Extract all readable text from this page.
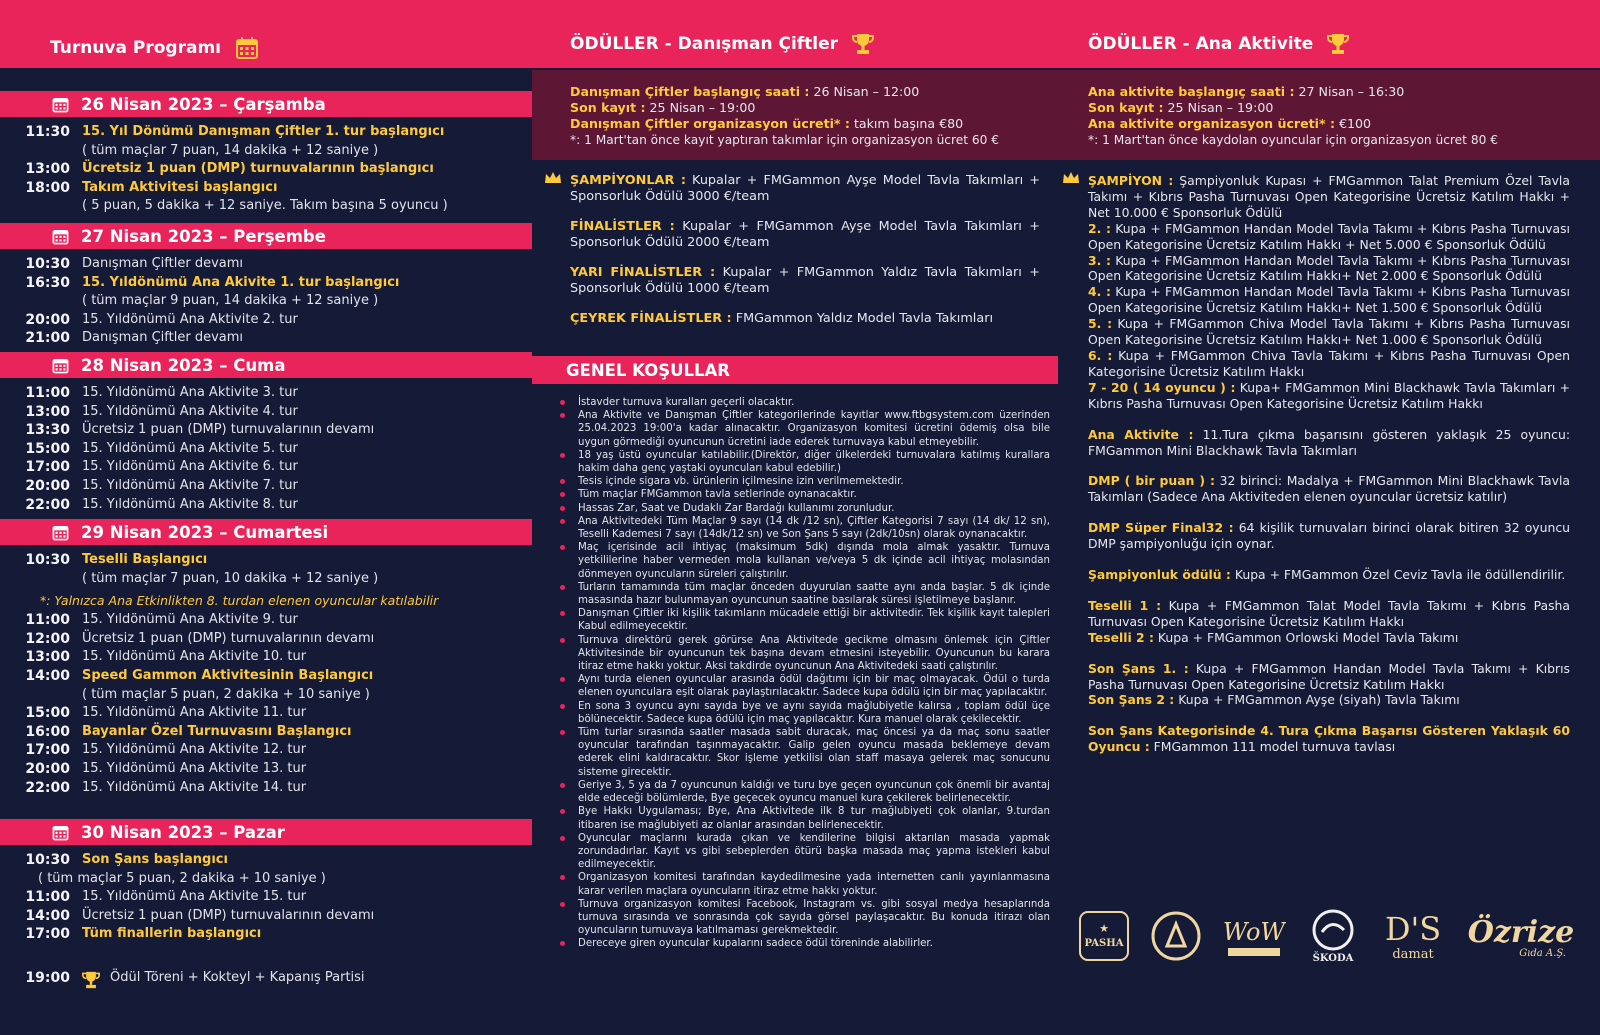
Turnuva Programı
26 Nisan 2023 – Çarşamba
11:30 15. Yıl Dönümü Danışman Çiftler 1. tur başlangıcı
( tüm maçlar 7 puan, 14 dakika + 12 saniye )
13:00 Ücretsiz 1 puan (DMP) turnuvalarının başlangıcı
18:00 Takım Aktivitesi başlangıcı
( 5 puan, 5 dakika + 12 saniye. Takım başına 5 oyuncu )
27 Nisan 2023 – Perşembe
10:30 Danışman Çiftler devamı
16:30 15. Yıldönümü Ana Akivite 1. tur başlangıcı
( tüm maçlar 9 puan, 14 dakika + 12 saniye )
20:00 15. Yıldönümü Ana Aktivite 2. tur
21:00 Danışman Çiftler devamı
28 Nisan 2023 – Cuma
11:00 15. Yıldönümü Ana Aktivite 3. tur
13:00 15. Yıldönümü Ana Aktivite 4. tur
13:30 Ücretsiz 1 puan (DMP) turnuvalarının devamı
15:00 15. Yıldönümü Ana Aktivite 5. tur
17:00 15. Yıldönümü Ana Aktivite 6. tur
20:00 15. Yıldönümü Ana Aktivite 7. tur
22:00 15. Yıldönümü Ana Aktivite 8. tur
29 Nisan 2023 – Cumartesi
10:30 Teselli Başlangıcı
( tüm maçlar 7 puan, 10 dakika + 12 saniye )
*: Yalnızca Ana Etkinlikten 8. turdan elenen oyuncular katılabilir
11:00 15. Yıldönümü Ana Aktivite 9. tur
12:00 Ücretsiz 1 puan (DMP) turnuvalarının devamı
13:00 15. Yıldönümü Ana Aktivite 10. tur
14:00 Speed Gammon Aktivitesinin Başlangıcı
( tüm maçlar 5 puan, 2 dakika + 10 saniye )
15:00 15. Yıldönümü Ana Aktivite 11. tur
16:00 Bayanlar Özel Turnuvasını Başlangıcı
17:00 15. Yıldönümü Ana Aktivite 12. tur
20:00 15. Yıldönümü Ana Aktivite 13. tur
22:00 15. Yıldönümü Ana Aktivite 14. tur
30 Nisan 2023 – Pazar
10:30 Son Şans başlangıcı
( tüm maçlar 5 puan, 2 dakika + 10 saniye )
11:00 15. Yıldönümü Ana Aktivite 15. tur
14:00 Ücretsiz 1 puan (DMP) turnuvalarının devamı
17:00 Tüm finallerin başlangıcı
19:00	Ödül Töreni + Kokteyl + Kapanış Partisi
ÖDÜLLER - Danışman Çiftler
Danışman Çiftler başlangıç saati : 26 Nisan – 12:00
Son kayıt : 25 Nisan – 19:00
Danışman Çiftler organizasyon ücreti* : takım başına €80
*: 1 Mart'tan önce kayıt yaptıran takımlar için organizasyon ücret 60 €

ŞAMPİYONLAR : Kupalar + FMGammon Ayşe Model Tavla Takımları + Sponsorluk Ödülü 3000 €/team

FİNALİSTLER : Kupalar + FMGammon Ayşe Model Tavla Takımları + Sponsorluk Ödülü 2000 €/team

YARI FİNALİSTLER : Kupalar + FMGammon Yaldız Tavla Takımları + Sponsorluk Ödülü 1000 €/team

ÇEYREK FİNALİSTLER : FMGammon Yaldız Model Tavla Takımları

GENEL KOŞULLAR
İstavder turnuva kuralları geçerli olacaktır.
Ana Aktivite ve Danışman Çiftler kategorilerinde kayıtlar www.ftbgsystem.com üzerinden 25.04.2023 19:00'a kadar alınacaktır. Organizasyon komitesi ücretini ödemiş olsa bile uygun görmediği oyuncunun ücretini iade ederek turnuvaya kabul etmeyebilir.
18 yaş üstü oyuncular katılabilir.(Direktör, diğer ülkelerdeki turnuvalara katılmış kurallara hakim daha genç yaştaki oyuncuları kabul edebilir.)
Tesis içinde sigara vb. ürünlerin içilmesine izin verilmemektedir.
Tüm maçlar FMGammon tavla setlerinde oynanacaktır.
Hassas Zar, Saat ve Dudaklı Zar Bardağı kullanımı zorunludur.
Ana Aktivitedeki Tüm Maçlar 9 sayı (14 dk /12 sn), Çiftler Kategorisi 7 sayı (14 dk/ 12 sn), Teselli Kademesi 7 sayı (14dk/12 sn) ve Son Şans 5 sayı (2dk/10sn) olarak oynanacaktır.
Maç içerisinde acil ihtiyaç (maksimum 5dk) dışında mola almak yasaktır. Turnuva yetkililerine haber vermeden mola kullanan ve/veya 5 dk içinde acil ihtiyaç molasından dönmeyen oyuncuların süreleri çalıştırılır.
Turların tamamında tüm maçlar önceden duyurulan saatte aynı anda başlar. 5 dk içinde masasında hazır bulunmayan oyuncunun saatine basılarak süresi işletilmeye başlanır.
Danışman Çiftler iki kişilik takımların mücadele ettiği bir aktivitedir. Tek kişilik kayıt talepleri Kabul edilmeyecektir.
Turnuva direktörü gerek görürse Ana Aktivitede gecikme olmasını önlemek için Çiftler Aktivitesinde bir oyuncunun tek başına devam etmesini isteyebilir. Oyuncunun bu karara itiraz etme hakkı yoktur. Aksi takdirde oyuncunun Ana Aktivitedeki saati çalıştırılır.
Aynı turda elenen oyuncular arasında ödül dağıtımı için bir maç olmayacak. Ödül o turda elenen oyunculara eşit olarak paylaştırılacaktır. Sadece kupa ödülü için bir maç yapılacaktır.
En sona 3 oyuncu aynı sayıda bye ve aynı sayıda mağlubiyetle kalırsa , toplam ödül üçe bölünecektir. Sadece kupa ödülü için maç yapılacaktır. Kura manuel olarak çekilecektir.
Tüm turlar sırasında saatler masada sabit duracak, maç öncesi ya da maç sonu saatler oyuncular tarafından taşınmayacaktır. Galip gelen oyuncu masada beklemeye devam ederek elini kaldıracaktır. Skor işleme yetkilisi olan staff masaya gelerek maç sonucunu sisteme girecektir.
Geriye 3, 5 ya da 7 oyuncunun kaldığı ve turu bye geçen oyuncunun çok önemli bir avantaj elde edeceği bölümlerde, Bye geçecek oyuncu manuel kura çekilerek belirlenecektir.
Bye Hakkı Uygulaması; Bye, Ana Aktivitede ilk 8 tur mağlubiyeti çok olanlar, 9.turdan itibaren ise mağlubiyeti az olanlar arasından belirlenecektir.
Oyuncular maçlarını kurada çıkan ve kendilerine bilgisi aktarılan masada yapmak zorundadırlar. Kayıt vs gibi sebeplerden ötürü başka masada maç yapma istekleri kabul edilmeyecektir.
Organizasyon komitesi tarafından kaydedilmesine yada internetten canlı yayınlanmasına karar verilen maçlara oyuncuların itiraz etme hakkı yoktur.
Turnuva organizasyon komitesi Facebook, Instagram vs. gibi sosyal medya hesaplarında turnuva sırasında ve sonrasında çok sayıda görsel paylaşacaktır. Bu konuda itirazı olan oyuncuların turnuvaya katılmaması gerekmektedir.
Dereceye giren oyuncular kupalarını sadece ödül töreninde alabilirler.
ÖDÜLLER - Ana Aktivite
Ana aktivite başlangıç saati : 27 Nisan – 16:30
Son kayıt : 25 Nisan – 19:00
Ana aktivite organizasyon ücreti* : €100
*: 1 Mart'tan önce kaydolan oyuncular için organizasyon ücret 80 €
ŞAMPİYON : Şampiyonluk Kupası + FMGammon Talat Premium Özel Tavla Takımı + Kıbrıs Pasha Turnuvası Open Kategorisine Ücretsiz Katılım Hakkı + Net 10.000 € Sponsorluk Ödülü
2. : Kupa + FMGammon Handan Model Tavla Takımı + Kıbrıs Pasha Turnuvası Open Kategorisine Ücretsiz Katılım Hakkı + Net 5.000 € Sponsorluk Ödülü
3. : Kupa + FMGammon Handan Model Tavla Takımı + Kıbrıs Pasha Turnuvası Open Kategorisine Ücretsiz Katılım Hakkı+ Net 2.000 € Sponsorluk Ödülü
4. : Kupa + FMGammon Handan Model Tavla Takımı + Kıbrıs Pasha Turnuvası Open Kategorisine Ücretsiz Katılım Hakkı+ Net 1.500 € Sponsorluk Ödülü
5. : Kupa + FMGammon Chiva Model Tavla Takımı + Kıbrıs Pasha Turnuvası Open Kategorisine Ücretsiz Katılım Hakkı+ Net 1.000 € Sponsorluk Ödülü
6. : Kupa + FMGammon Chiva Tavla Takımı + Kıbrıs Pasha Turnuvası Open Kategorisine Ücretsiz Katılım Hakkı
7 - 20 ( 14 oyuncu ) : Kupa+ FMGammon Mini Blackhawk Tavla Takımları + Kıbrıs Pasha Turnuvası Open Kategorisine Ücretsiz Katılım Hakkı
Ana Aktivite : 11.Tura çıkma başarısını gösteren yaklaşık 25 oyuncu: FMGammon Mini Blackhawk Tavla Takımları
DMP ( bir puan ) : 32 birinci: Madalya + FMGammon Mini Blackhawk Tavla Takımları (Sadece Ana Aktiviteden elenen oyuncular ücretsiz katılır)
DMP Süper Final32 : 64 kişilik turnuvaları birinci olarak bitiren 32 oyuncu DMP şampiyonluğu için oynar.
Şampiyonluk ödülü : Kupa + FMGammon Özel Ceviz Tavla ile ödüllendirilir.
Teselli 1 : Kupa + FMGammon Talat Model Tavla Takımı + Kıbrıs Pasha Turnuvası Open Kategorisine Ücretsiz Katılım Hakkı
Teselli 2 : Kupa + FMGammon Orlowski Model Tavla Takımı
Son Şans 1. : Kupa + FMGammon Handan Model Tavla Takımı + Kıbrıs Pasha Turnuvası Open Kategorisine Ücretsiz Katılım Hakkı
Son Şans 2 : Kupa + FMGammon Ayşe (siyah) Tavla Takımı
Son Şans Kategorisinde 4. Tura Çıkma Başarısı Gösteren Yaklaşık 60 Oyuncu : FMGammon 111 model turnuva tavlası
★
PASHA	WoW
ŠKODA
D'S
damat
Özrize
Gıda A.Ş.
